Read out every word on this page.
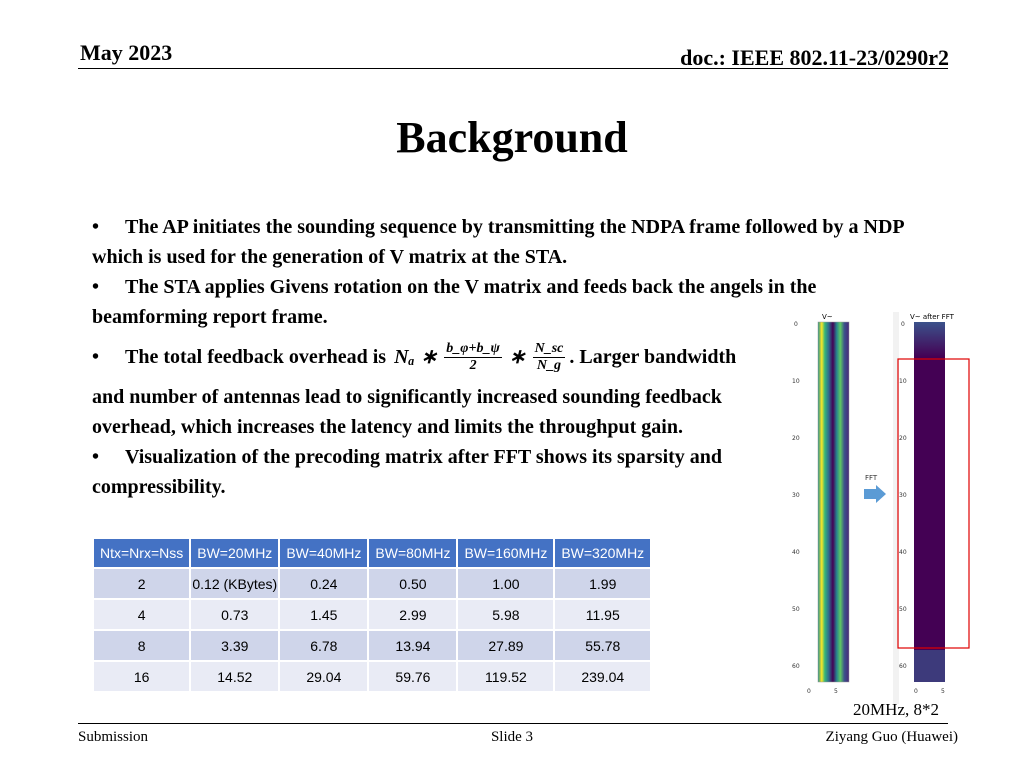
May 2023	doc.: IEEE 802.11-23/0290r2
Background

• The AP initiates the sounding sequence by transmitting the NDPA frame followed by a NDP which is used for the generation of V matrix at the STA.

• The STA applies Givens rotation on the V matrix and feeds back the angels in the beamforming report frame.

•	The total feedback overhead is
Nₐ ∗ $\frac{b\_\varphi+b\_\psi}{2}$ ∗ $\frac{N\_sc}{N\_g}$ . Larger bandwidth

and number of antennas lead to significantly increased sounding feedback overhead, which increases the latency and limits the throughput gain.

• Visualization of the precoding matrix after FFT shows its sparsity and compressibility.

Ntx=Nrx=Nss	BW=20MHz	BW=40MHz	BW=80MHz	BW=160MHz	BW=320MHz
2	0.12 (KBytes)	0.24	0.50	1.00	1.99
4	0.73	1.45	2.99	5.98	11.95
8	3.39	6.78	13.94	27.89	55.78
16	14.52	29.04	59.76	119.52	239.04
V~
0
10
20
30
40
50
60
0	5
FFT
V~ after FFT
0
10
20
30
40
50
60
0	5
20MHz, 8*2
Submission	Slide 3	Ziyang Guo (Huawei)
